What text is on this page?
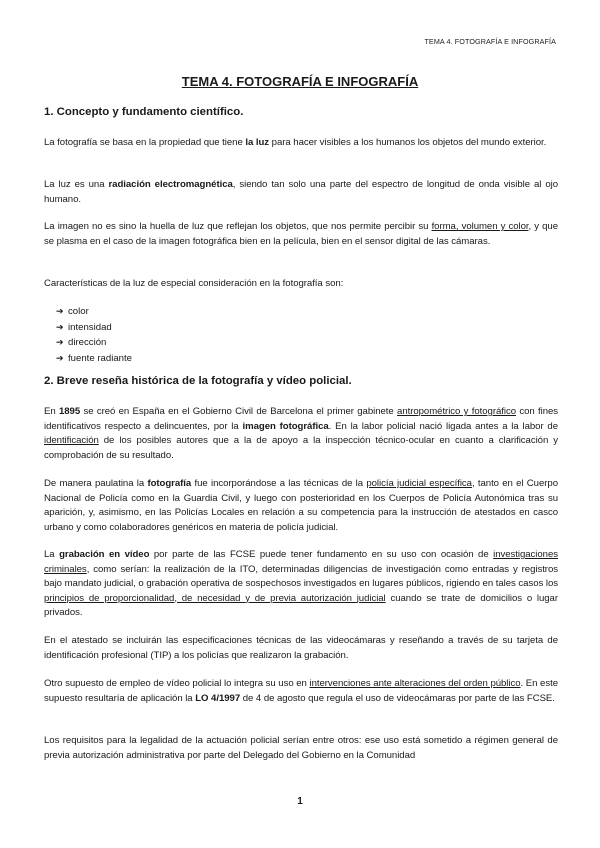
TEMA 4. FOTOGRAFÍA E INFOGRAFÍA
TEMA 4. FOTOGRAFÍA E INFOGRAFÍA
1. Concepto y fundamento científico.

La fotografía se basa en la propiedad que tiene la luz para hacer visibles a los humanos los objetos del mundo exterior.

La luz es una radiación electromagnética, siendo tan solo una parte del espectro de longitud de onda visible al ojo humano.

La imagen no es sino la huella de luz que reflejan los objetos, que nos permite percibir su forma, volumen y color, y que se plasma en el caso de la imagen fotográfica bien en la película, bien en el sensor digital de las cámaras.

Características de la luz de especial consideración en la fotografía son:

➔ color
➔ intensidad
➔ dirección
➔ fuente radiante
2. Breve reseña histórica de la fotografía y vídeo policial.

En 1895 se creó en España en el Gobierno Civil de Barcelona el primer gabinete antropométrico y fotográfico con fines identificativos respecto a delincuentes, por la imagen fotográfica. En la labor policial nació ligada antes a la labor de identificación de los posibles autores que a la de apoyo a la inspección técnico-ocular en cuanto a clarificación y comprobación de su resultado.

De manera paulatina la fotografía fue incorporándose a las técnicas de la policía judicial específica, tanto en el Cuerpo Nacional de Policía como en la Guardia Civil, y luego con posterioridad en los Cuerpos de Policía Autonómica tras su aparición, y, asimismo, en las Policías Locales en relación a su competencia para la instrucción de atestados en casco urbano y como colaboradores genéricos en materia de policía judicial.

La grabación en vídeo por parte de las FCSE puede tener fundamento en su uso con ocasión de investigaciones criminales, como serían: la realización de la ITO, determinadas diligencias de investigación como entradas y registros bajo mandato judicial, o grabación operativa de sospechosos investigados en lugares públicos, rigiendo en tales casos los principios de proporcionalidad, de necesidad y de previa autorización judicial cuando se trate de domicilios o lugar privados.

En el atestado se incluirán las especificaciones técnicas de las videocámaras y reseñando a través de su tarjeta de identificación profesional (TIP) a los policías que realizaron la grabación.

Otro supuesto de empleo de vídeo policial lo integra su uso en intervenciones ante alteraciones del orden público. En este supuesto resultaría de aplicación la LO 4/1997 de 4 de agosto que regula el uso de videocámaras por parte de las FCSE.

Los requisitos para la legalidad de la actuación policial serían entre otros: ese uso está sometido a régimen general de previa autorización administrativa por parte del Delegado del Gobierno en la Comunidad

1
